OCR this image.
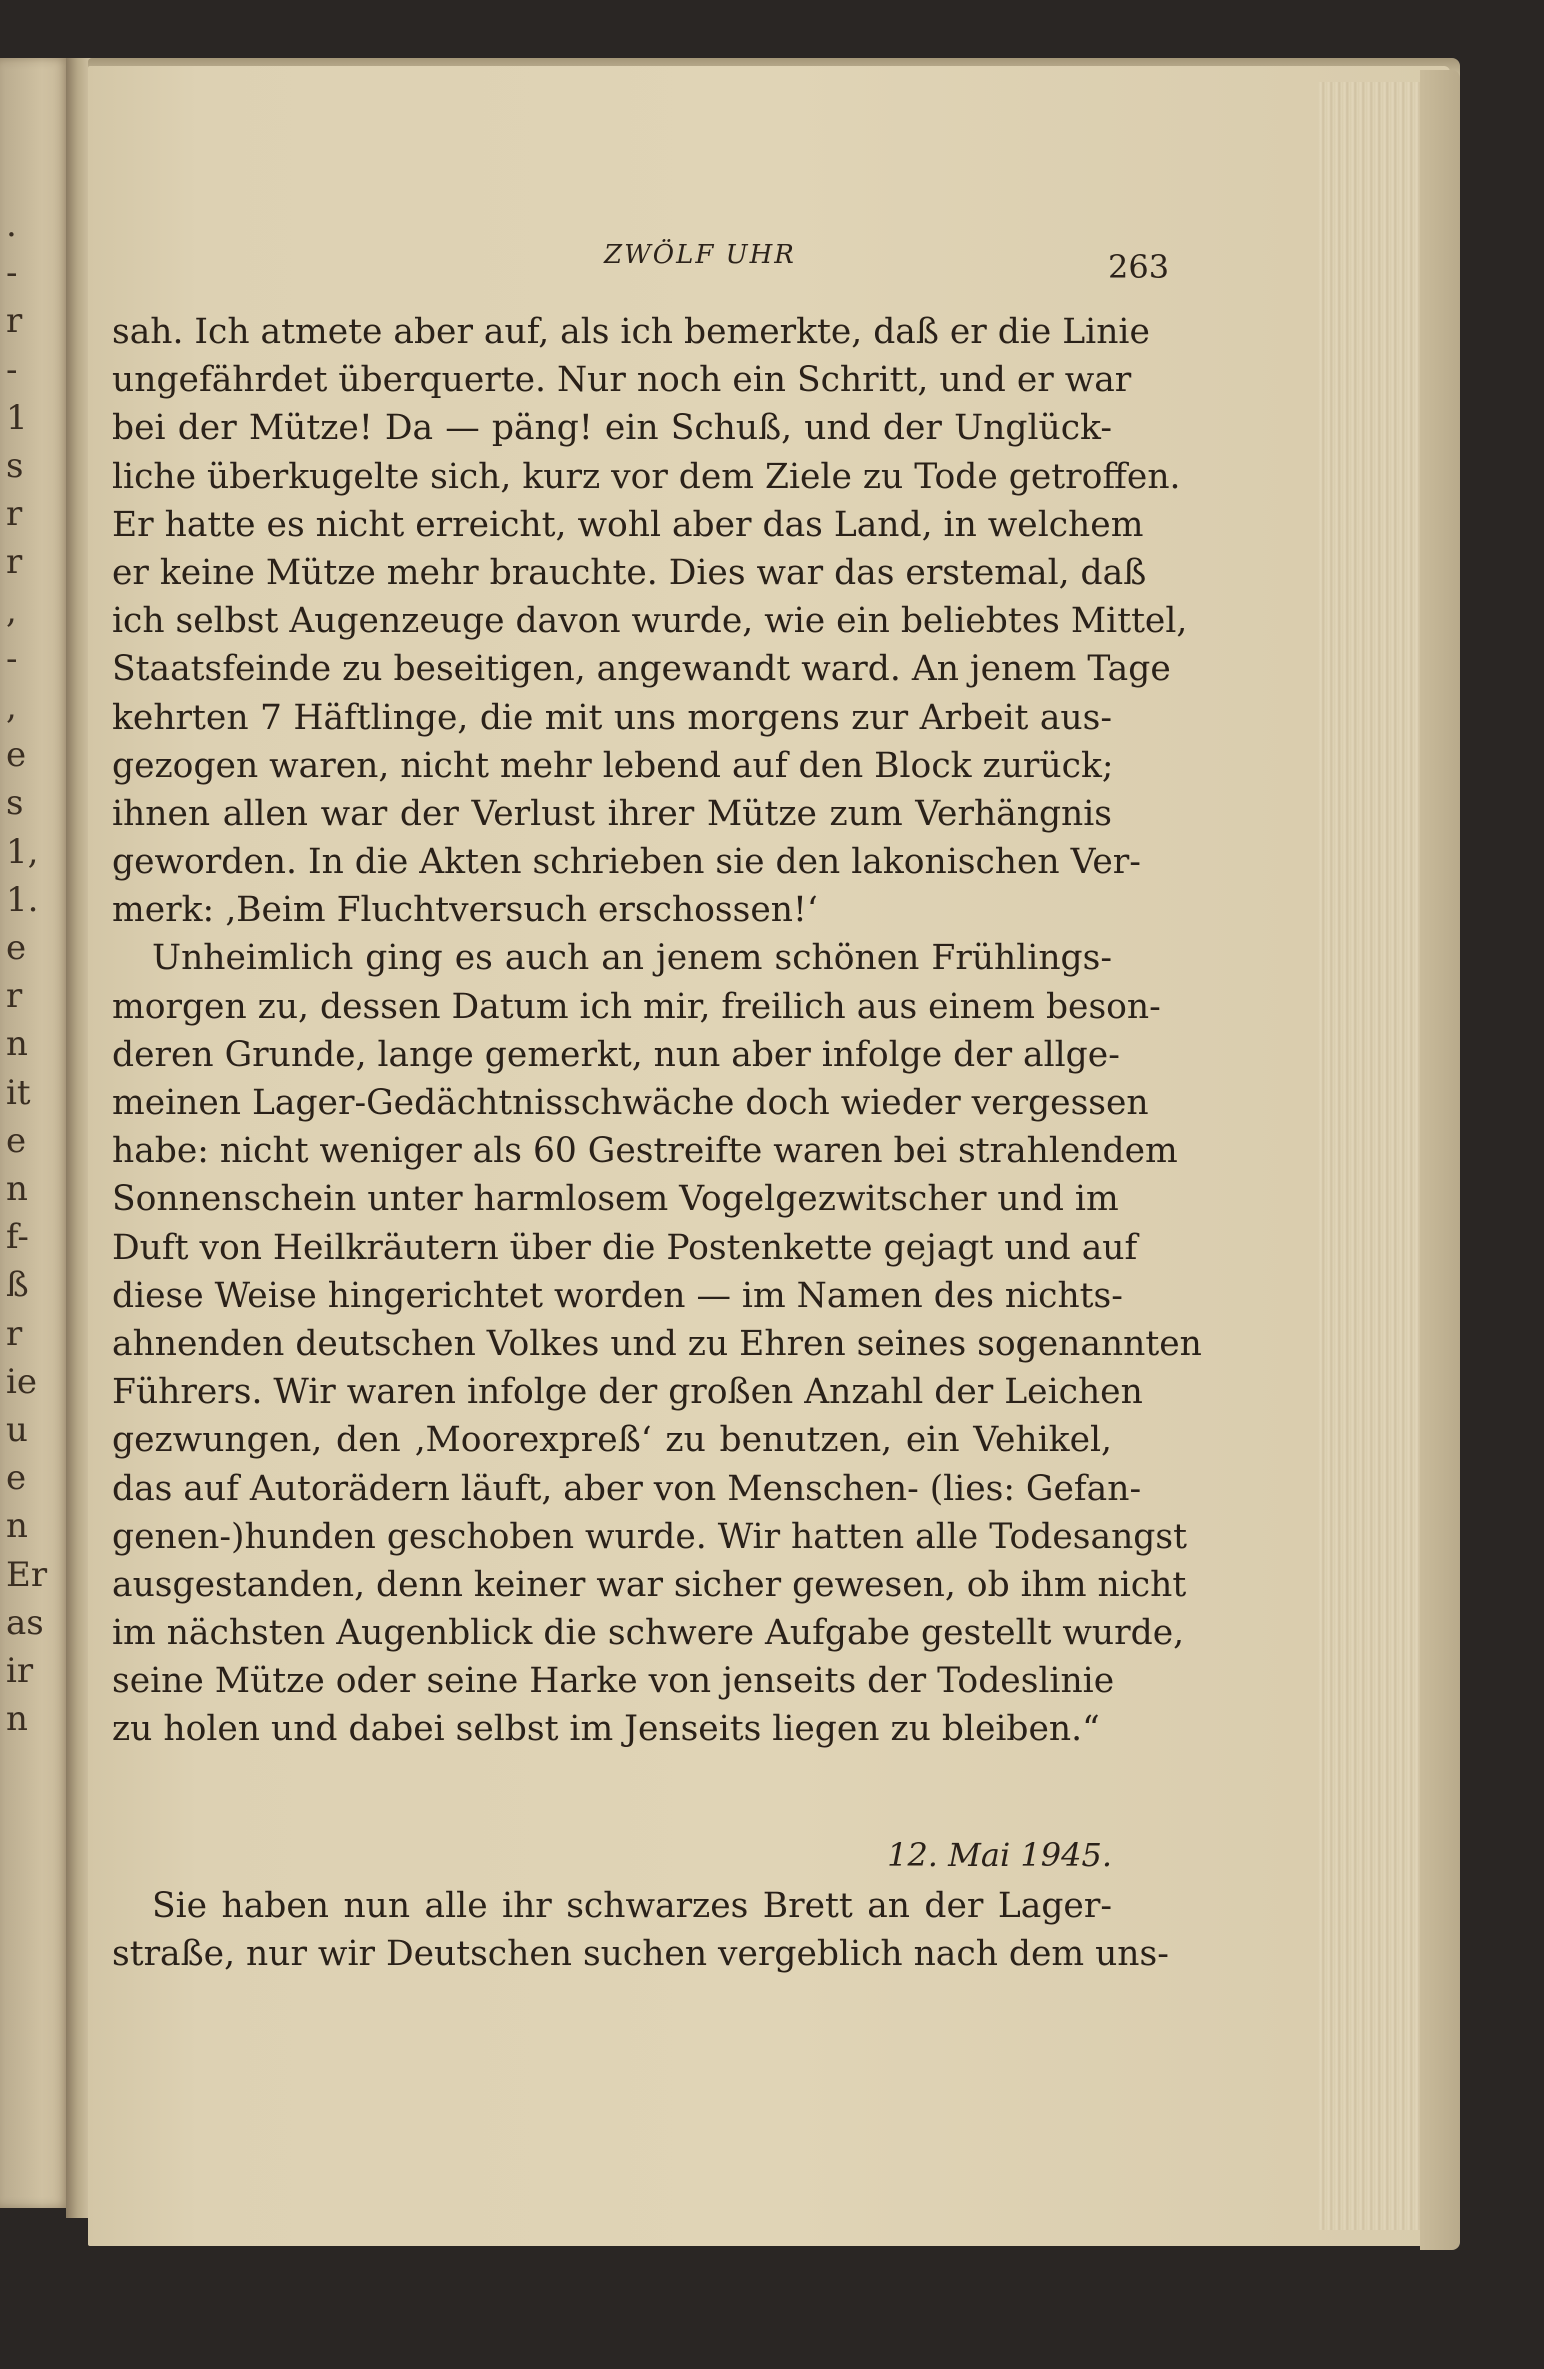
.
-
r
-
1
s
r
r
,
-
,
e
s
1,
1.
e
r
n
it
e
n
f-
ß
r
ie
u
e
n
Er
as
ir
n
ZWÖLF UHR	263
sah. Ich atmete aber auf, als ich bemerkte, daß er die Linie
ungefährdet überquerte. Nur noch ein Schritt, und er war
bei der Mütze! Da — päng! ein Schuß, und der Unglück-
liche überkugelte sich, kurz vor dem Ziele zu Tode getroffen.
Er hatte es nicht erreicht, wohl aber das Land, in welchem
er keine Mütze mehr brauchte. Dies war das erstemal, daß
ich selbst Augenzeuge davon wurde, wie ein beliebtes Mittel,
Staatsfeinde zu beseitigen, angewandt ward. An jenem Tage
kehrten 7 Häftlinge, die mit uns morgens zur Arbeit aus-
gezogen waren, nicht mehr lebend auf den Block zurück;
ihnen allen war der Verlust ihrer Mütze zum Verhängnis
geworden. In die Akten schrieben sie den lakonischen Ver-
merk: ‚Beim Fluchtversuch erschossen!‘
Unheimlich ging es auch an jenem schönen Frühlings-
morgen zu, dessen Datum ich mir, freilich aus einem beson-
deren Grunde, lange gemerkt, nun aber infolge der allge-
meinen Lager-Gedächtnisschwäche doch wieder vergessen
habe: nicht weniger als 60 Gestreifte waren bei strahlendem
Sonnenschein unter harmlosem Vogelgezwitscher und im
Duft von Heilkräutern über die Postenkette gejagt und auf
diese Weise hingerichtet worden — im Namen des nichts-
ahnenden deutschen Volkes und zu Ehren seines sogenannten
Führers. Wir waren infolge der großen Anzahl der Leichen
gezwungen, den ‚Moorexpreß‘ zu benutzen, ein Vehikel,
das auf Autorädern läuft, aber von Menschen- (lies: Gefan-
genen-)hunden geschoben wurde. Wir hatten alle Todesangst
ausgestanden, denn keiner war sicher gewesen, ob ihm nicht
im nächsten Augenblick die schwere Aufgabe gestellt wurde,
seine Mütze oder seine Harke von jenseits der Todeslinie
zu holen und dabei selbst im Jenseits liegen zu bleiben.“
12. Mai 1945.
Sie haben nun alle ihr schwarzes Brett an der Lager-
straße, nur wir Deutschen suchen vergeblich nach dem uns-
